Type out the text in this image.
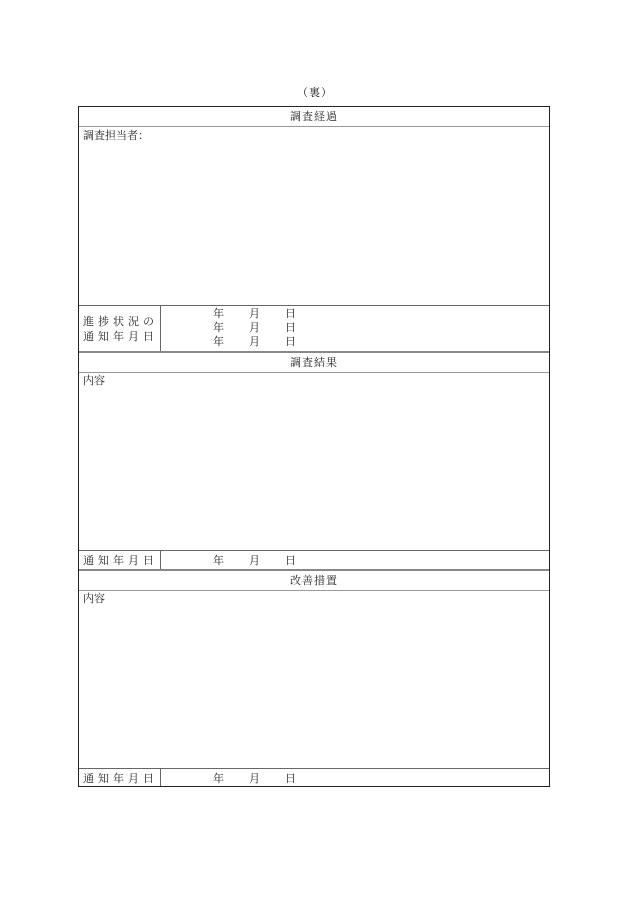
（裏）
調査経過
調査担当者：
進捗状況の
通知年月日
年 月 日
年 月 日
年 月 日
調査結果
内容
通知年月日	年 月 日
改善措置
内容
通知年月日	年 月 日
